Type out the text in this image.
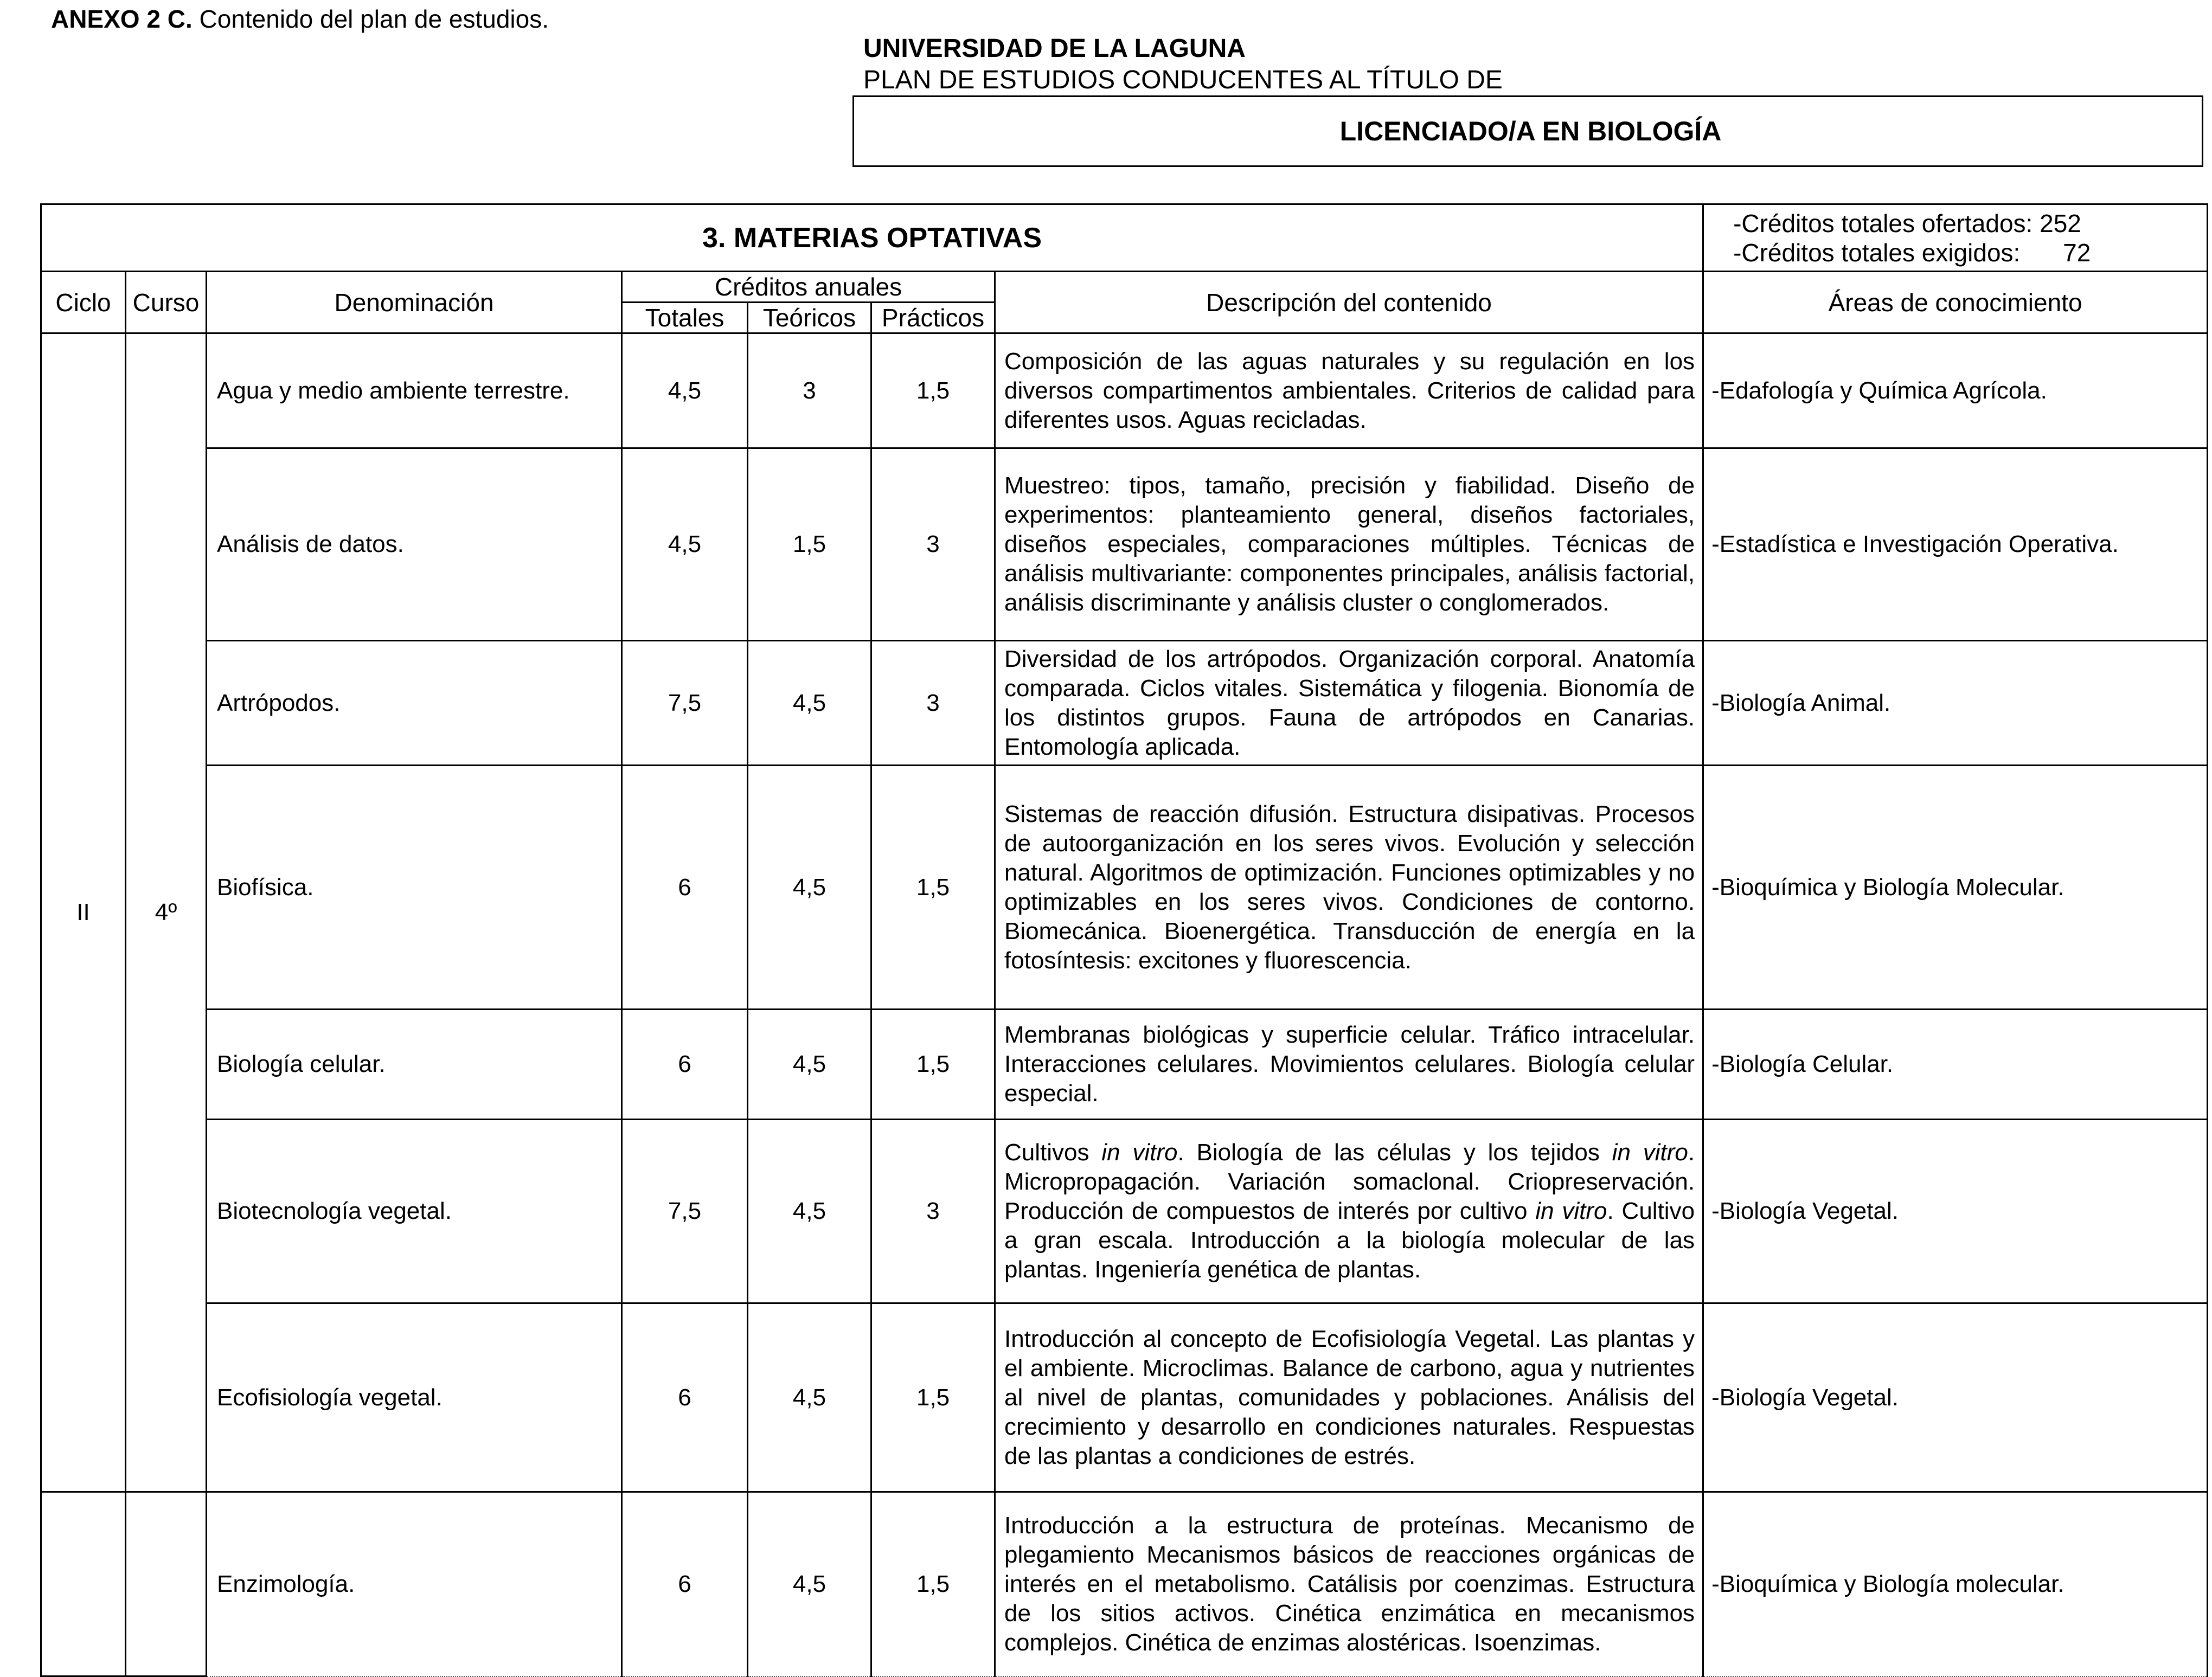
ANEXO 2 C. Contenido del plan de estudios.
UNIVERSIDAD DE LA LAGUNA
PLAN DE ESTUDIOS CONDUCENTES AL TÍTULO DE
LICENCIADO/A EN BIOLOGÍA
3. MATERIAS OPTATIVAS							-Créditos totales ofertados: 252
-Créditos totales exigidos: 72

Ciclo	Curso	Denominación	Créditos anuales			Descripción del contenido	Áreas de conocimiento
			Totales	Teóricos	Prácticos		
II	4º	Agua y medio ambiente terrestre.	4,5	3	1,5	Composición de las aguas naturales y su regulación en los diversos compartimentos ambientales. Criterios de calidad para diferentes usos. Aguas recicladas.	-Edafología y Química Agrícola.
		Análisis de datos.	4,5	1,5	3	Muestreo: tipos, tamaño, precisión y fiabilidad. Diseño de experimentos: planteamiento general, diseños factoriales, diseños especiales, comparaciones múltiples. Técnicas de análisis multivariante: componentes principales, análisis factorial, análisis discriminante y análisis cluster o conglomerados.	-Estadística e Investigación Operativa.
		Artrópodos.	7,5	4,5	3	Diversidad de los artrópodos. Organización corporal. Anatomía comparada. Ciclos vitales. Sistemática y filogenia. Bionomía de los distintos grupos. Fauna de artrópodos en Canarias. Entomología aplicada.	-Biología Animal.
		Biofísica.	6	4,5	1,5	Sistemas de reacción difusión. Estructura disipativas. Procesos de autoorganización en los seres vivos. Evolución y selección natural. Algoritmos de optimización. Funciones optimizables y no optimizables en los seres vivos. Condiciones de contorno. Biomecánica. Bioenergética. Transducción de energía en la fotosíntesis: excitones y fluorescencia.	-Bioquímica y Biología Molecular.
		Biología celular.	6	4,5	1,5	Membranas biológicas y superficie celular. Tráfico intracelular. Interacciones celulares. Movimientos celulares. Biología celular especial.	-Biología Celular.
		Biotecnología vegetal.	7,5	4,5	3	Cultivos in vitro. Biología de las células y los tejidos in vitro. Micropropagación. Variación somaclonal. Criopreservación. Producción de compuestos de interés por cultivo in vitro. Cultivo a gran escala. Introducción a la biología molecular de las plantas. Ingeniería genética de plantas.	-Biología Vegetal.
		Ecofisiología vegetal.	6	4,5	1,5	Introducción al concepto de Ecofisiología Vegetal. Las plantas y el ambiente. Microclimas. Balance de carbono, agua y nutrientes al nivel de plantas, comunidades y poblaciones. Análisis del crecimiento y desarrollo en condiciones naturales. Respuestas de las plantas a condiciones de estrés.	-Biología Vegetal.
		Enzimología.	6	4,5	1,5	Introducción a la estructura de proteínas. Mecanismo de plegamiento Mecanismos básicos de reacciones orgánicas de interés en el metabolismo. Catálisis por coenzimas. Estructura de los sitios activos. Cinética enzimática en mecanismos complejos. Cinética de enzimas alostéricas. Isoenzimas.	-Bioquímica y Biología molecular.
